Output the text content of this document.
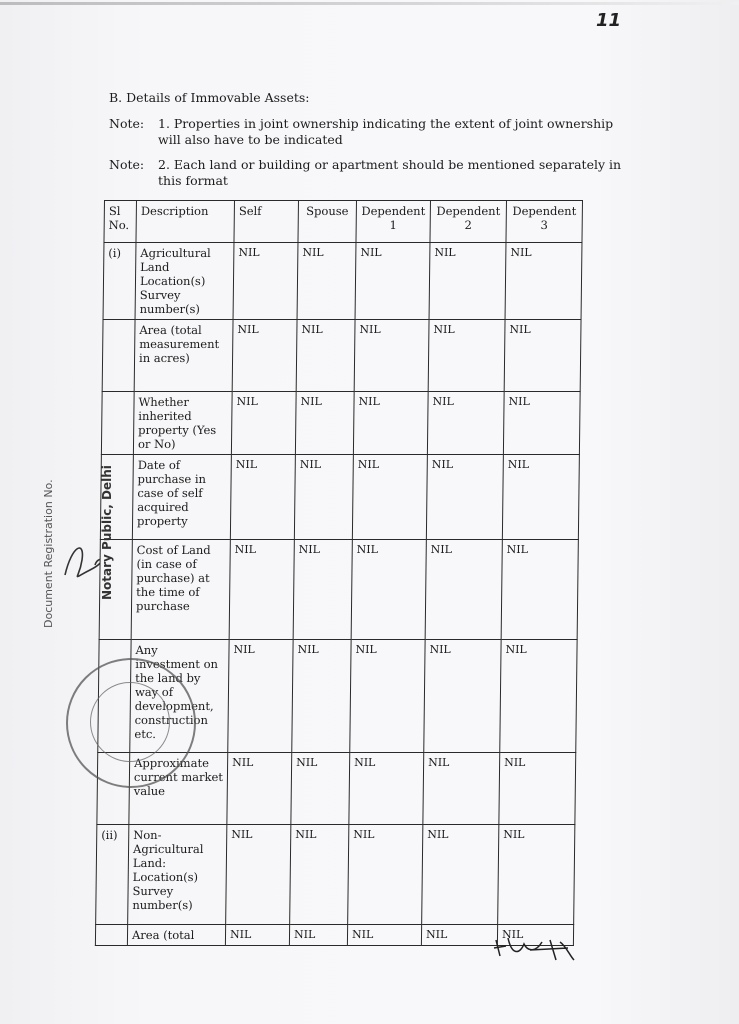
11
B. Details of Immovable Assets:
Note: 1. Properties in joint ownership indicating the extent of joint ownership
will also have to be indicated
Note: 2. Each land or building or apartment should be mentioned separately in
this format
Sl No.	Description	Self	Spouse	Dependent 1	Dependent 2	Dependent 3
(i)	Agricultural Land Location(s) Survey number(s)	NIL	NIL	NIL	NIL	NIL
	Area (total measurement in acres)	NIL	NIL	NIL	NIL	NIL
	Whether inherited property (Yes or No)	NIL	NIL	NIL	NIL	NIL
	Date of purchase in case of self acquired property	NIL	NIL	NIL	NIL	NIL
	Cost of Land (in case of purchase) at the time of purchase	NIL	NIL	NIL	NIL	NIL
	Any investment on the land by way of development, construction etc.	NIL	NIL	NIL	NIL	NIL
	Approximate current market value	NIL	NIL	NIL	NIL	NIL
(ii)	Non-Agricultural Land: Location(s) Survey number(s)	NIL	NIL	NIL	NIL	NIL
	Area (total	NIL	NIL	NIL	NIL	NIL
Notary Public, Delhi
Document Registration No.
